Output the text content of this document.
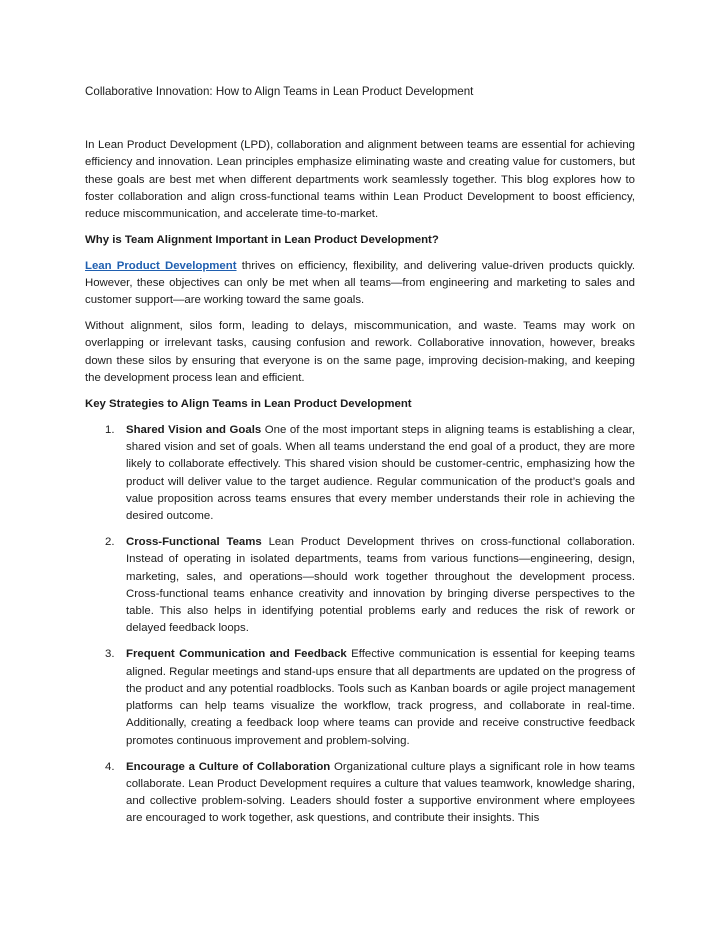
Collaborative Innovation: How to Align Teams in Lean Product Development

In Lean Product Development (LPD), collaboration and alignment between teams are essential for achieving efficiency and innovation. Lean principles emphasize eliminating waste and creating value for customers, but these goals are best met when different departments work seamlessly together. This blog explores how to foster collaboration and align cross-functional teams within Lean Product Development to boost efficiency, reduce miscommunication, and accelerate time-to-market.

Why is Team Alignment Important in Lean Product Development?

Lean Product Development thrives on efficiency, flexibility, and delivering value-driven products quickly. However, these objectives can only be met when all teams—from engineering and marketing to sales and customer support—are working toward the same goals.

Without alignment, silos form, leading to delays, miscommunication, and waste. Teams may work on overlapping or irrelevant tasks, causing confusion and rework. Collaborative innovation, however, breaks down these silos by ensuring that everyone is on the same page, improving decision-making, and keeping the development process lean and efficient.

Key Strategies to Align Teams in Lean Product Development
1. Shared Vision and Goals One of the most important steps in aligning teams is establishing a clear, shared vision and set of goals. When all teams understand the end goal of a product, they are more likely to collaborate effectively. This shared vision should be customer-centric, emphasizing how the product will deliver value to the target audience. Regular communication of the product’s goals and value proposition across teams ensures that every member understands their role in achieving the desired outcome.
2. Cross-Functional Teams Lean Product Development thrives on cross-functional collaboration. Instead of operating in isolated departments, teams from various functions—engineering, design, marketing, sales, and operations—should work together throughout the development process. Cross-functional teams enhance creativity and innovation by bringing diverse perspectives to the table. This also helps in identifying potential problems early and reduces the risk of rework or delayed feedback loops.
3. Frequent Communication and Feedback Effective communication is essential for keeping teams aligned. Regular meetings and stand-ups ensure that all departments are updated on the progress of the product and any potential roadblocks. Tools such as Kanban boards or agile project management platforms can help teams visualize the workflow, track progress, and collaborate in real-time. Additionally, creating a feedback loop where teams can provide and receive constructive feedback promotes continuous improvement and problem-solving.
4. Encourage a Culture of Collaboration Organizational culture plays a significant role in how teams collaborate. Lean Product Development requires a culture that values teamwork, knowledge sharing, and collective problem-solving. Leaders should foster a supportive environment where employees are encouraged to work together, ask questions, and contribute their insights. This
